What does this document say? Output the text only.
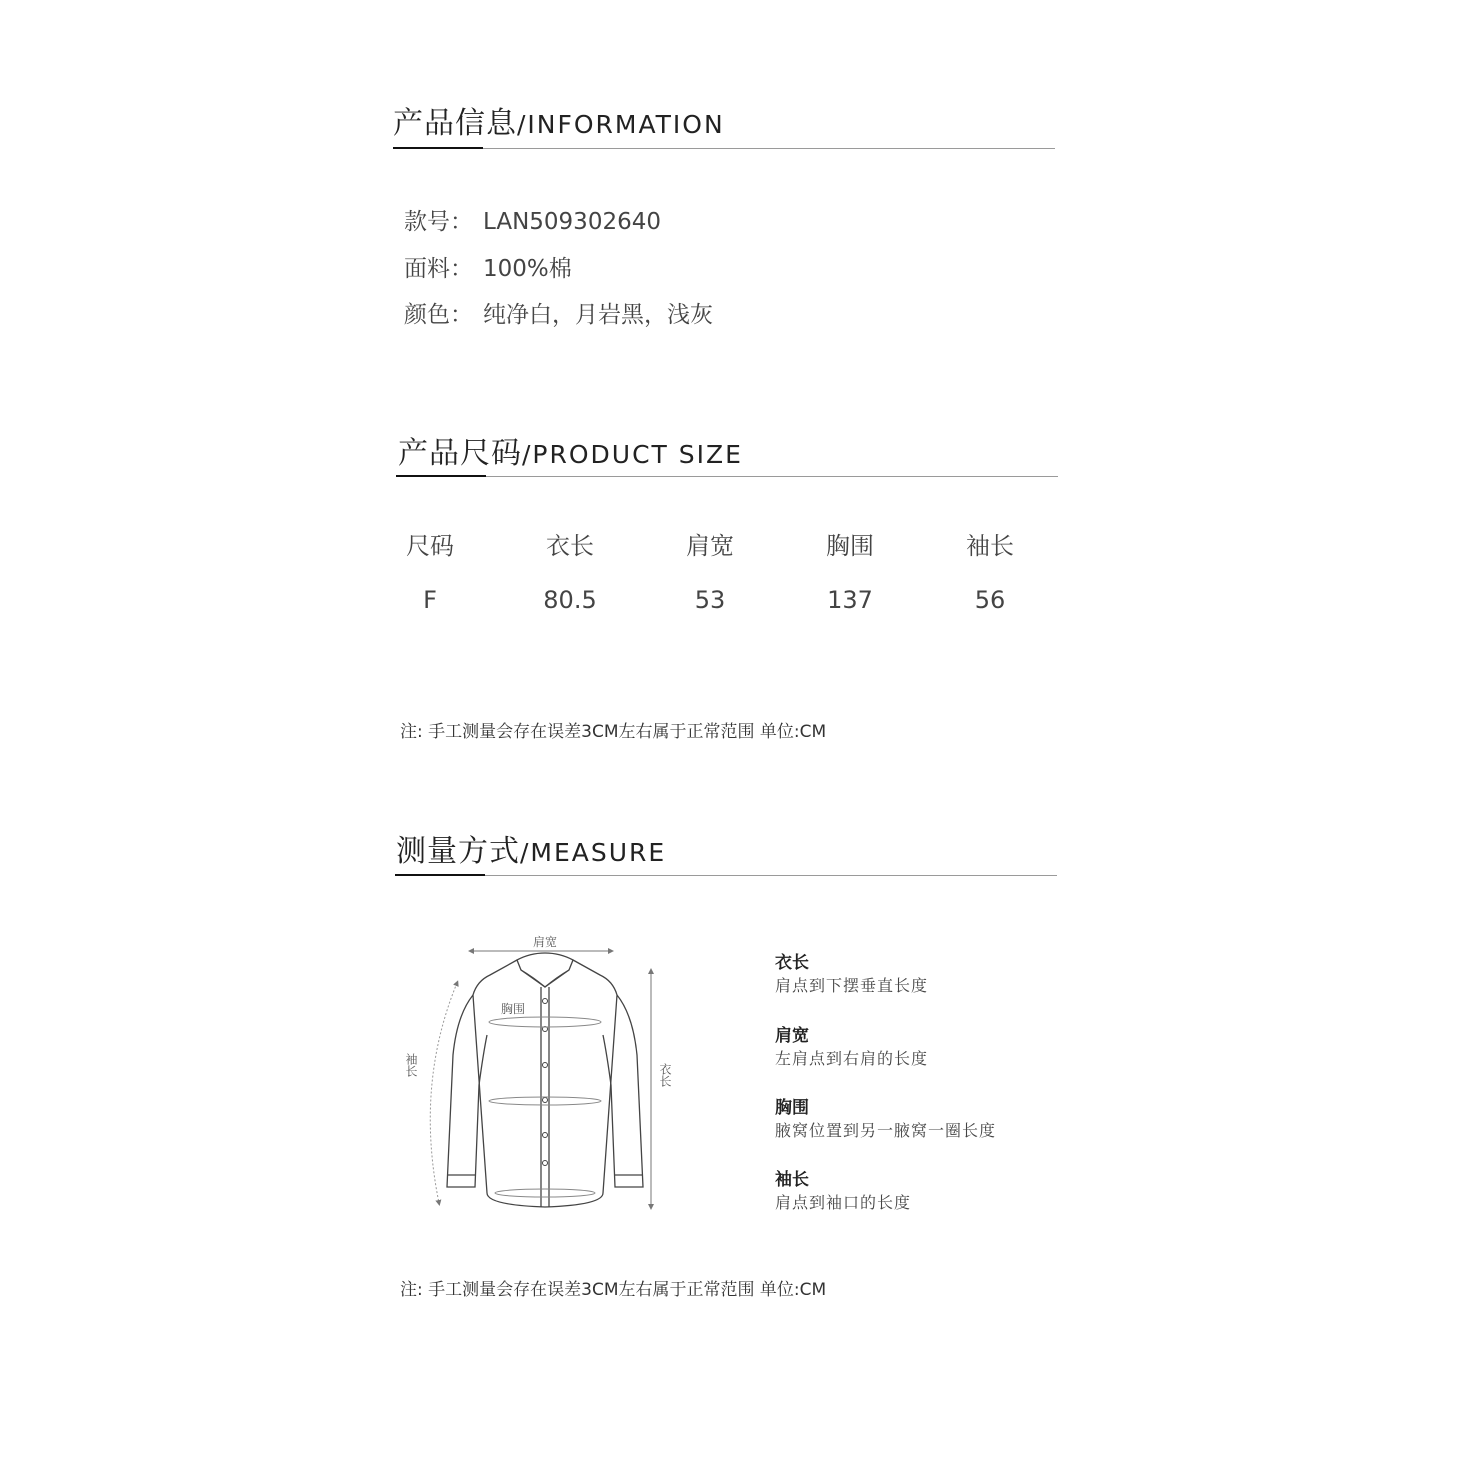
产品信息/INFORMATION
款号： LAN509302640
面料： 100%棉
颜色： 纯净白，月岩黑，浅灰
产品尺码/PRODUCT SIZE
尺码	衣长	肩宽	胸围	袖长
F	80.5	53	137	56
注: 手工测量会存在误差3CM左右属于正常范围 单位:CM
测量方式/MEASURE
肩宽
胸围
袖长	衣长
衣长
肩点到下摆垂直长度
肩宽
左肩点到右肩的长度
胸围
腋窝位置到另一腋窝一圈长度
袖长
肩点到袖口的长度
注: 手工测量会存在误差3CM左右属于正常范围 单位:CM
